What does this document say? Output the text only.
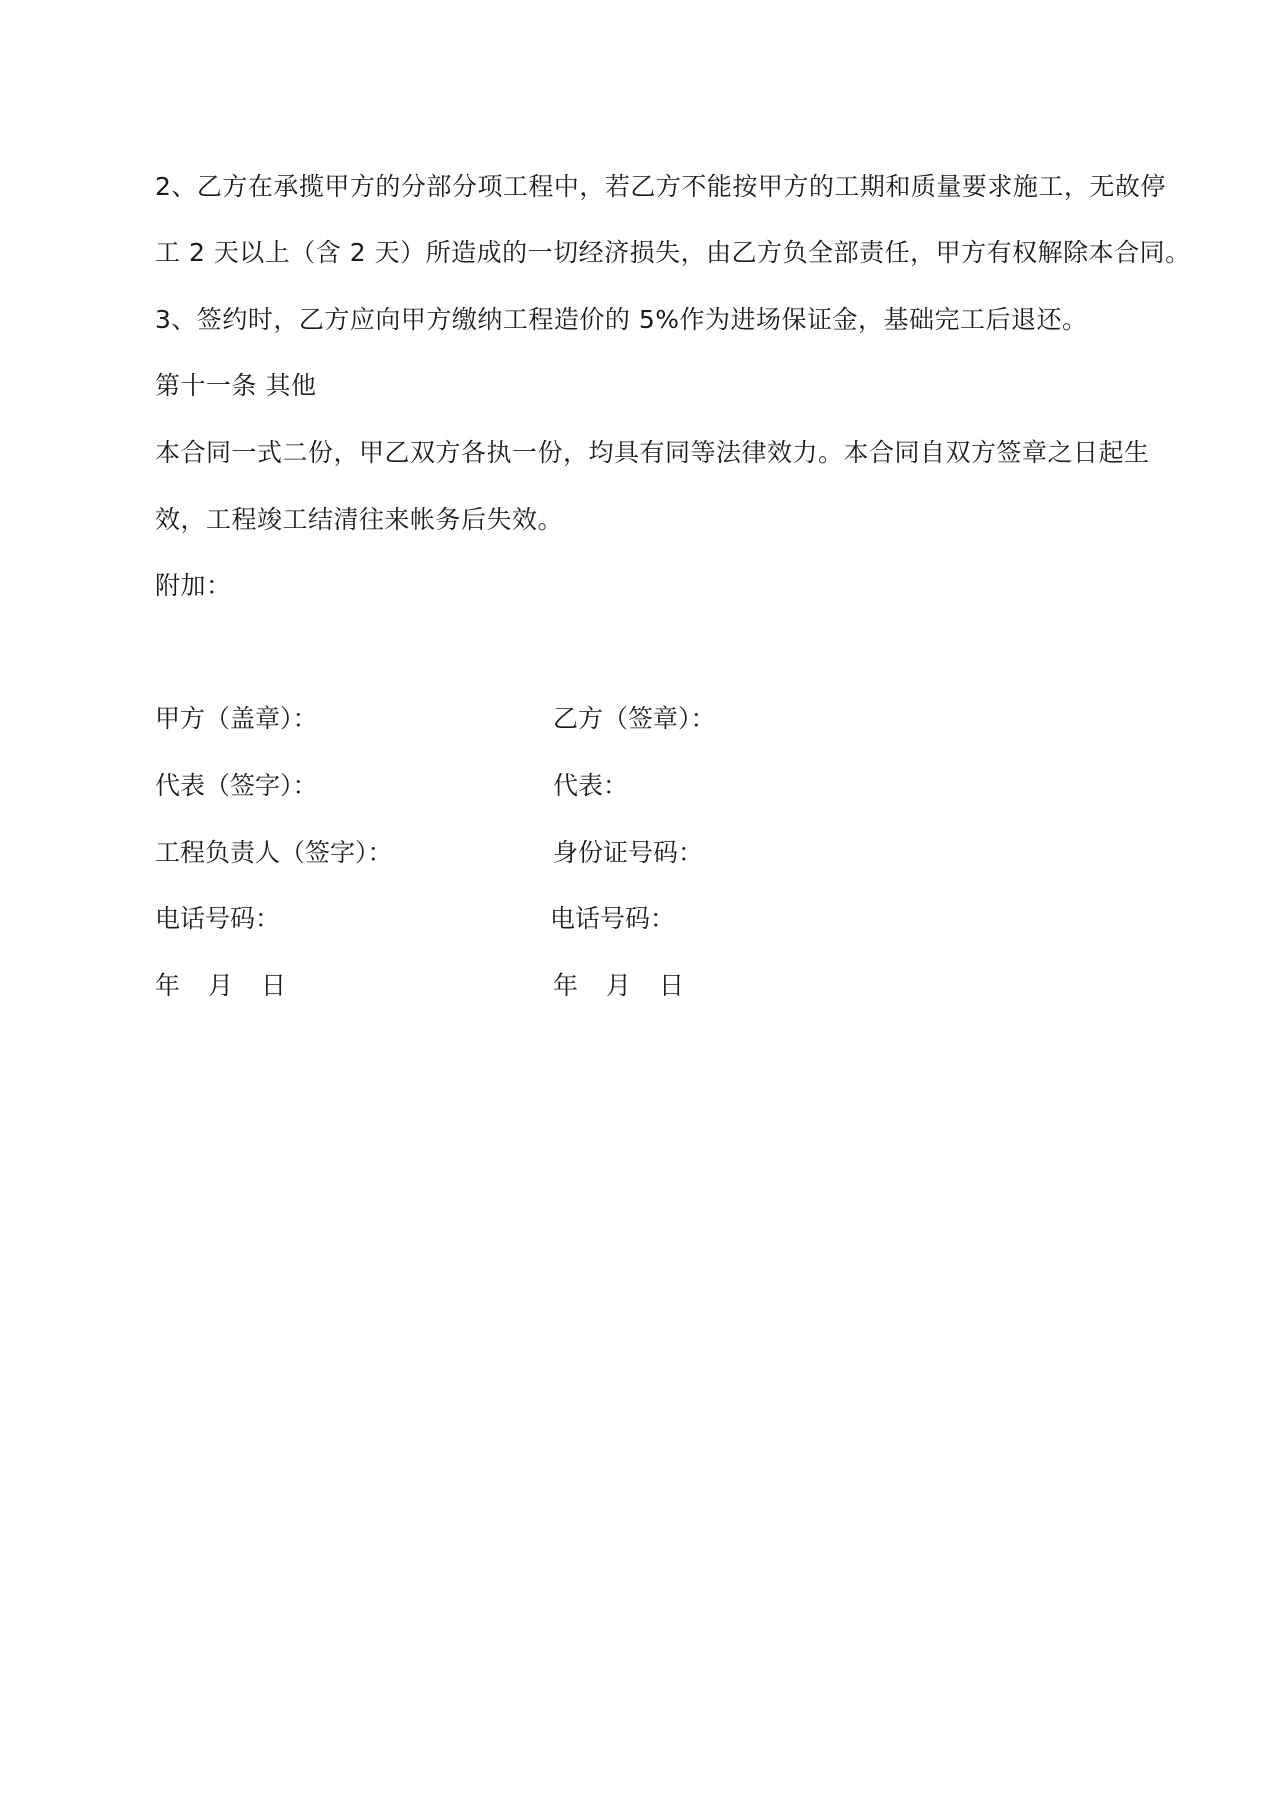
2、乙方在承揽甲方的分部分项工程中，若乙方不能按甲方的工期和质量要求施工，无故停
工 2 天以上（含 2 天）所造成的一切经济损失，由乙方负全部责任，甲方有权解除本合同。
3、签约时，乙方应向甲方缴纳工程造价的 5%作为进场保证金，基础完工后退还。
第十一条 其他
本合同一式二份，甲乙双方各执一份，均具有同等法律效力。本合同自双方签章之日起生
效，工程竣工结清往来帐务后失效。
附加：
甲方（盖章）：	乙方（签章）：
代表（签字）：	代表：
工程负责人（签字）：	身份证号码：
电话号码：	电话号码：
年 月 日	年 月 日
